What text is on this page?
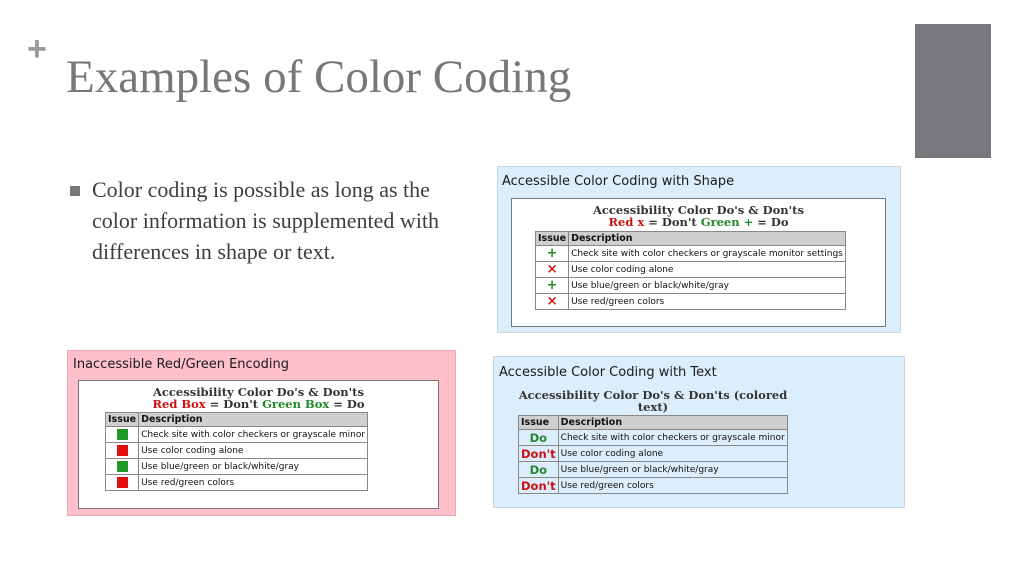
+
Examples of Color Coding
Color coding is possible as long as the color information is supplemented with differences in shape or text.
Accessible Color Coding with Shape
Accessibility Color Do's & Don'ts
Red x = Don't Green + = Do
Issue	Description
+	Check site with color checkers or grayscale monitor settings
×	Use color coding alone
+	Use blue/green or black/white/gray
×	Use red/green colors
Inaccessible Red/Green Encoding
Accessibility Color Do's & Don'ts
Red Box = Don't Green Box = Do
Issue	Description
	Check site with color checkers or grayscale minor
	Use color coding alone
	Use blue/green or black/white/gray
	Use red/green colors
Accessible Color Coding with Text
Accessibility Color Do's & Don'ts (colored text)
Issue	Description
Do	Check site with color checkers or grayscale minor
Don't	Use color coding alone
Do	Use blue/green or black/white/gray
Don't	Use red/green colors
